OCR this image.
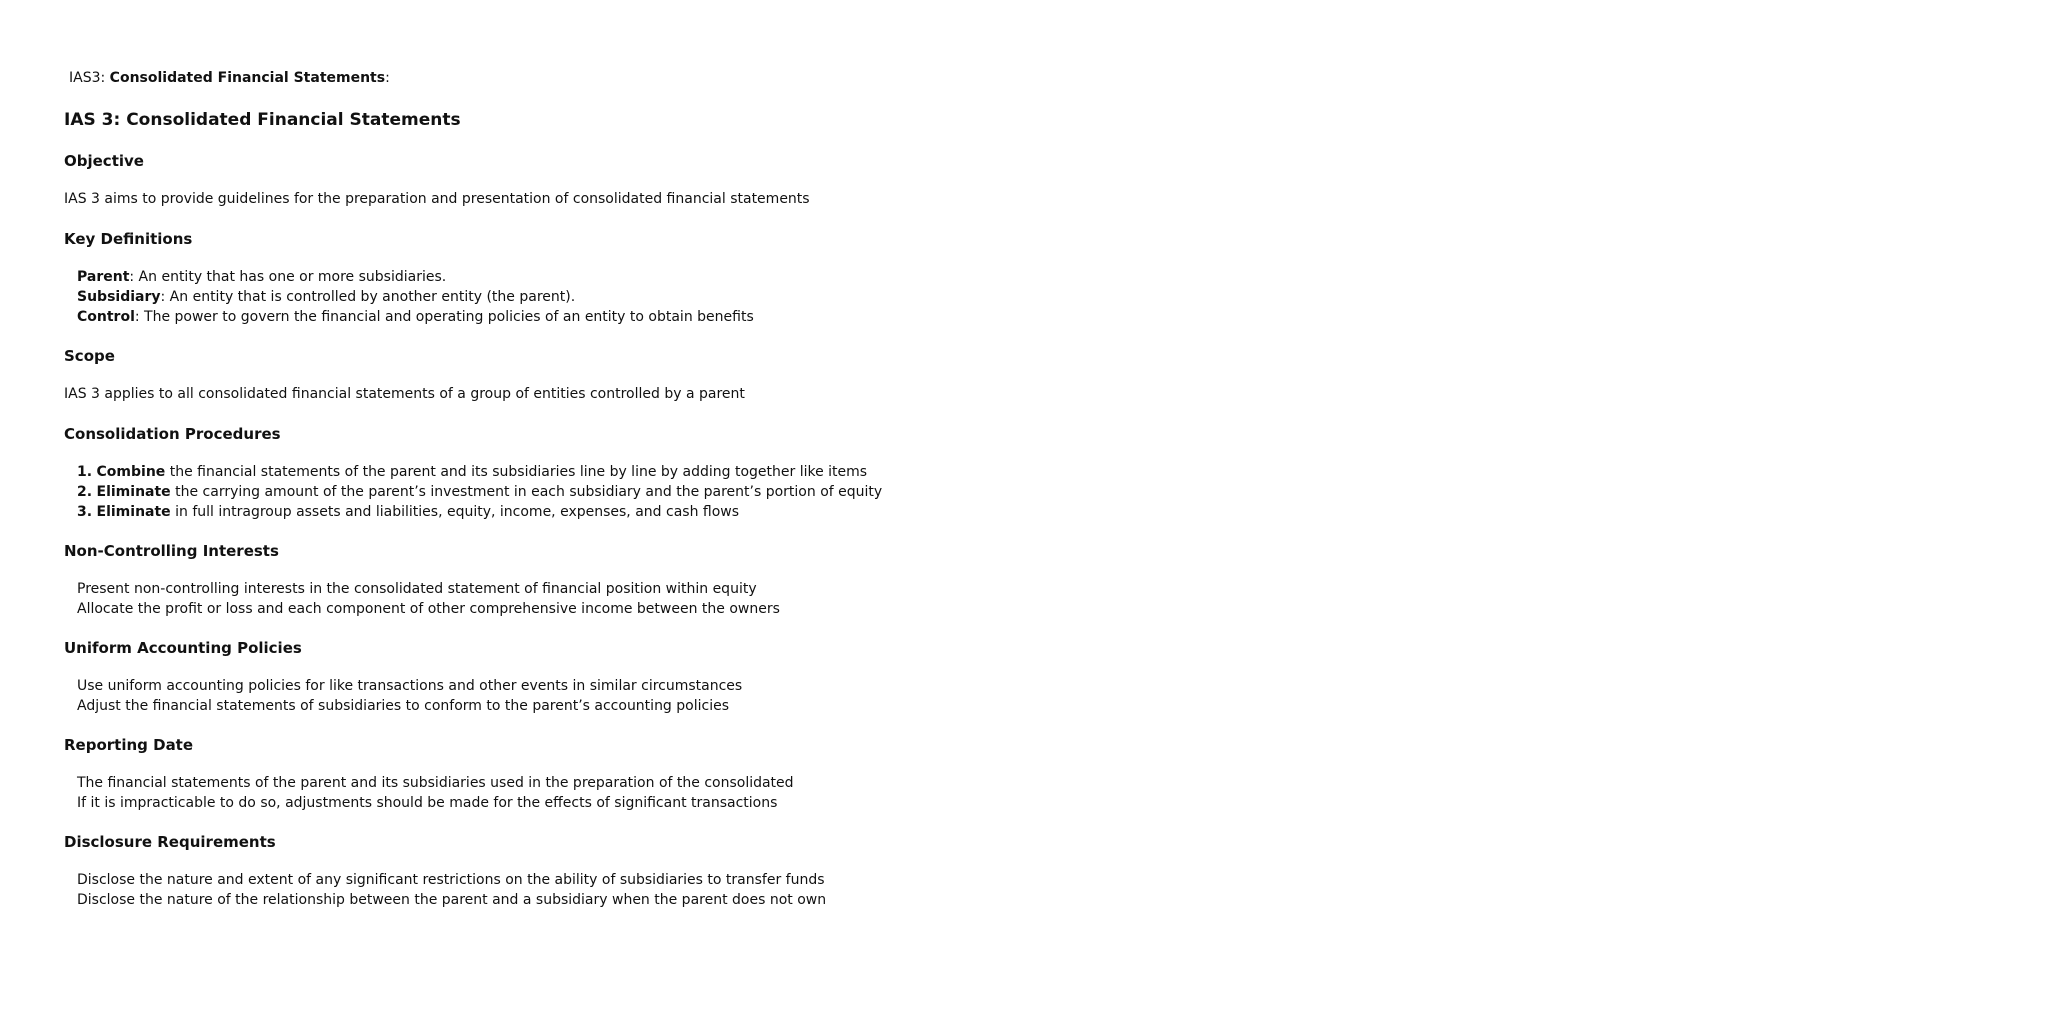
IAS3: Consolidated Financial Statements:
IAS 3: Consolidated Financial Statements
Objective

IAS 3 aims to provide guidelines for the preparation and presentation of consolidated financial statements

Key Definitions
Parent: An entity that has one or more subsidiaries.
Subsidiary: An entity that is controlled by another entity (the parent).
Control: The power to govern the financial and operating policies of an entity to obtain benefits
Scope

IAS 3 applies to all consolidated financial statements of a group of entities controlled by a parent

Consolidation Procedures
1. Combine the financial statements of the parent and its subsidiaries line by line by adding together like items
2. Eliminate the carrying amount of the parent’s investment in each subsidiary and the parent’s portion of equity
3. Eliminate in full intragroup assets and liabilities, equity, income, expenses, and cash flows
Non-Controlling Interests
Present non-controlling interests in the consolidated statement of financial position within equity
Allocate the profit or loss and each component of other comprehensive income between the owners
Uniform Accounting Policies
Use uniform accounting policies for like transactions and other events in similar circumstances
Adjust the financial statements of subsidiaries to conform to the parent’s accounting policies
Reporting Date
The financial statements of the parent and its subsidiaries used in the preparation of the consolidated
If it is impracticable to do so, adjustments should be made for the effects of significant transactions
Disclosure Requirements
Disclose the nature and extent of any significant restrictions on the ability of subsidiaries to transfer funds
Disclose the nature of the relationship between the parent and a subsidiary when the parent does not own
